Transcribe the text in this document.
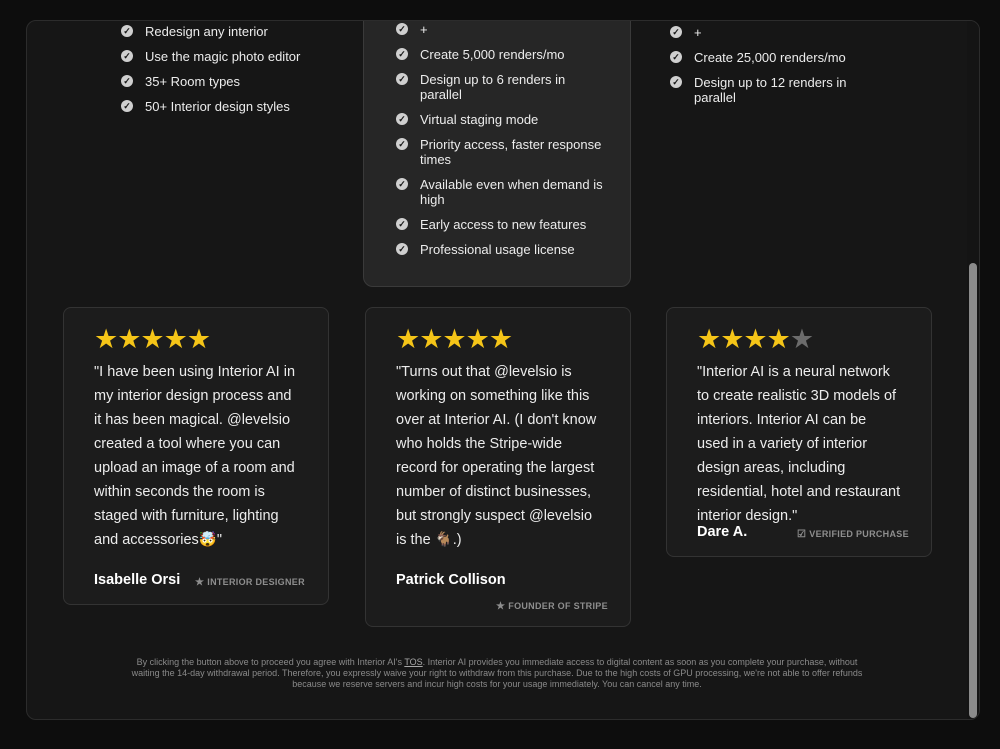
✓ Redesign any interior
✓ Use the magic photo editor
✓ 35+ Room types
✓ 50+ Interior design styles
✓ +
✓ Create 5,000 renders/mo
✓ Design up to 6 renders in parallel
✓ Virtual staging mode
✓ Priority access, faster response times
✓ Available even when demand is high
✓ Early access to new features
✓ Professional usage license
✓ +
✓ Create 25,000 renders/mo
✓ Design up to 12 renders in parallel
★★★★★

"I have been using Interior AI in my interior design process and it has been magical. @levelsio created a tool where you can upload an image of a room and within seconds the room is staged with furniture, lighting and accessories🤯"

Isabelle Orsi ★ INTERIOR DESIGNER
★★★★★

"Turns out that @levelsio is working on something like this over at Interior AI. (I don't know who holds the Stripe-wide record for operating the largest number of distinct businesses, but strongly suspect @levelsio is the 🐐.)

Patrick Collison
★ FOUNDER OF STRIPE
★★★★★

"Interior AI is a neural network to create realistic 3D models of interiors. Interior AI can be used in a variety of interior design areas, including residential, hotel and restaurant interior design."

Dare A.	☑ VERIFIED PURCHASE
By clicking the button above to proceed you agree with Interior AI's TOS. Interior AI provides you immediate access to digital content as soon as you complete your purchase, without waiting the 14-day withdrawal period. Therefore, you expressly waive your right to withdraw from this purchase. Due to the high costs of GPU processing, we're not able to offer refunds because we reserve servers and incur high costs for your usage immediately. You can cancel any time.
